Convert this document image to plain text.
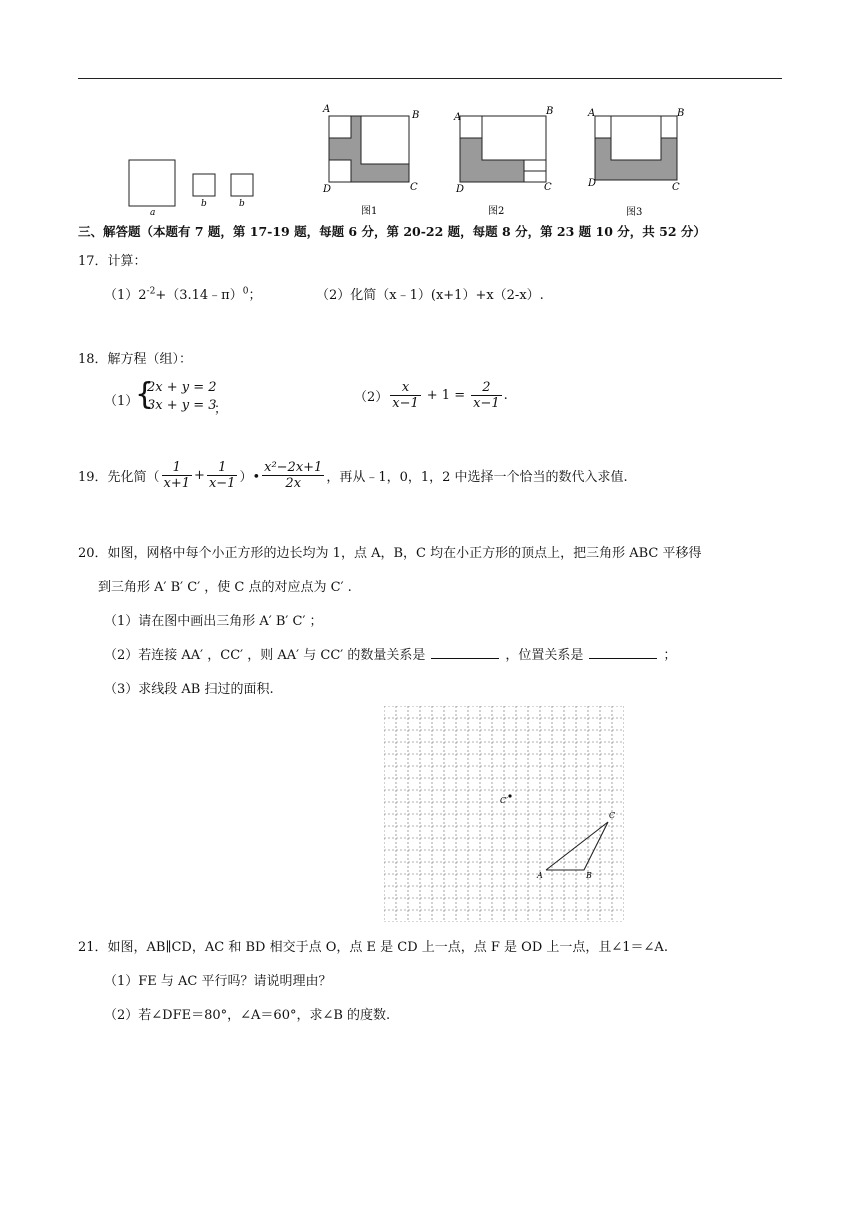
a
b	b
A
B
D	C
图1
A
B
D	C
图2
A	B
D	C
图3
三、解答题（本题有 7 题，第 17-19 题，每题 6 分，第 20-22 题，每题 8 分，第 23 题 10 分，共 52 分）
17．计算：
$(1)2^{-2}+(3.14﹣\pi)^0$；	（2）化简（x﹣1）(x+1）+x（2-x）.
18．解方程（组）：
（1）
{
2x + y = 2
3x + y = 3
；
$(2) \frac{x}{x-1} + 1 = \frac{2}{x-1}$ .
19．先化简（ $\frac{1}{x+1} + \frac{1}{x-1}$ ）• $\frac{\text{x²−2x+1}}{2x}$ ，再从﹣1，0，1，2 中选择一个恰当的数代入求值.
20．如图，网格中每个小正方形的边长均为 1，点 A，B，C 均在小正方形的顶点上，把三角形 ABC 平移得
到三角形 A′ B′ C′ ，使 C 点的对应点为 C′ .
（1）请在图中画出三角形 A′ B′ C′ ；
（2）若连接 AA′ ，CC′ ，则 AA′ 与 CC′ 的数量关系是	，位置关系是	；
（3）求线段 AB 扫过的面积.
A	B
C
C′
21．如图，AB∥CD，AC 和 BD 相交于点 O，点 E 是 CD 上一点，点 F 是 OD 上一点，且∠1＝∠A.
（1）FE 与 AC 平行吗？请说明理由？
（2）若∠DFE＝80°，∠A＝60°，求∠B 的度数.
